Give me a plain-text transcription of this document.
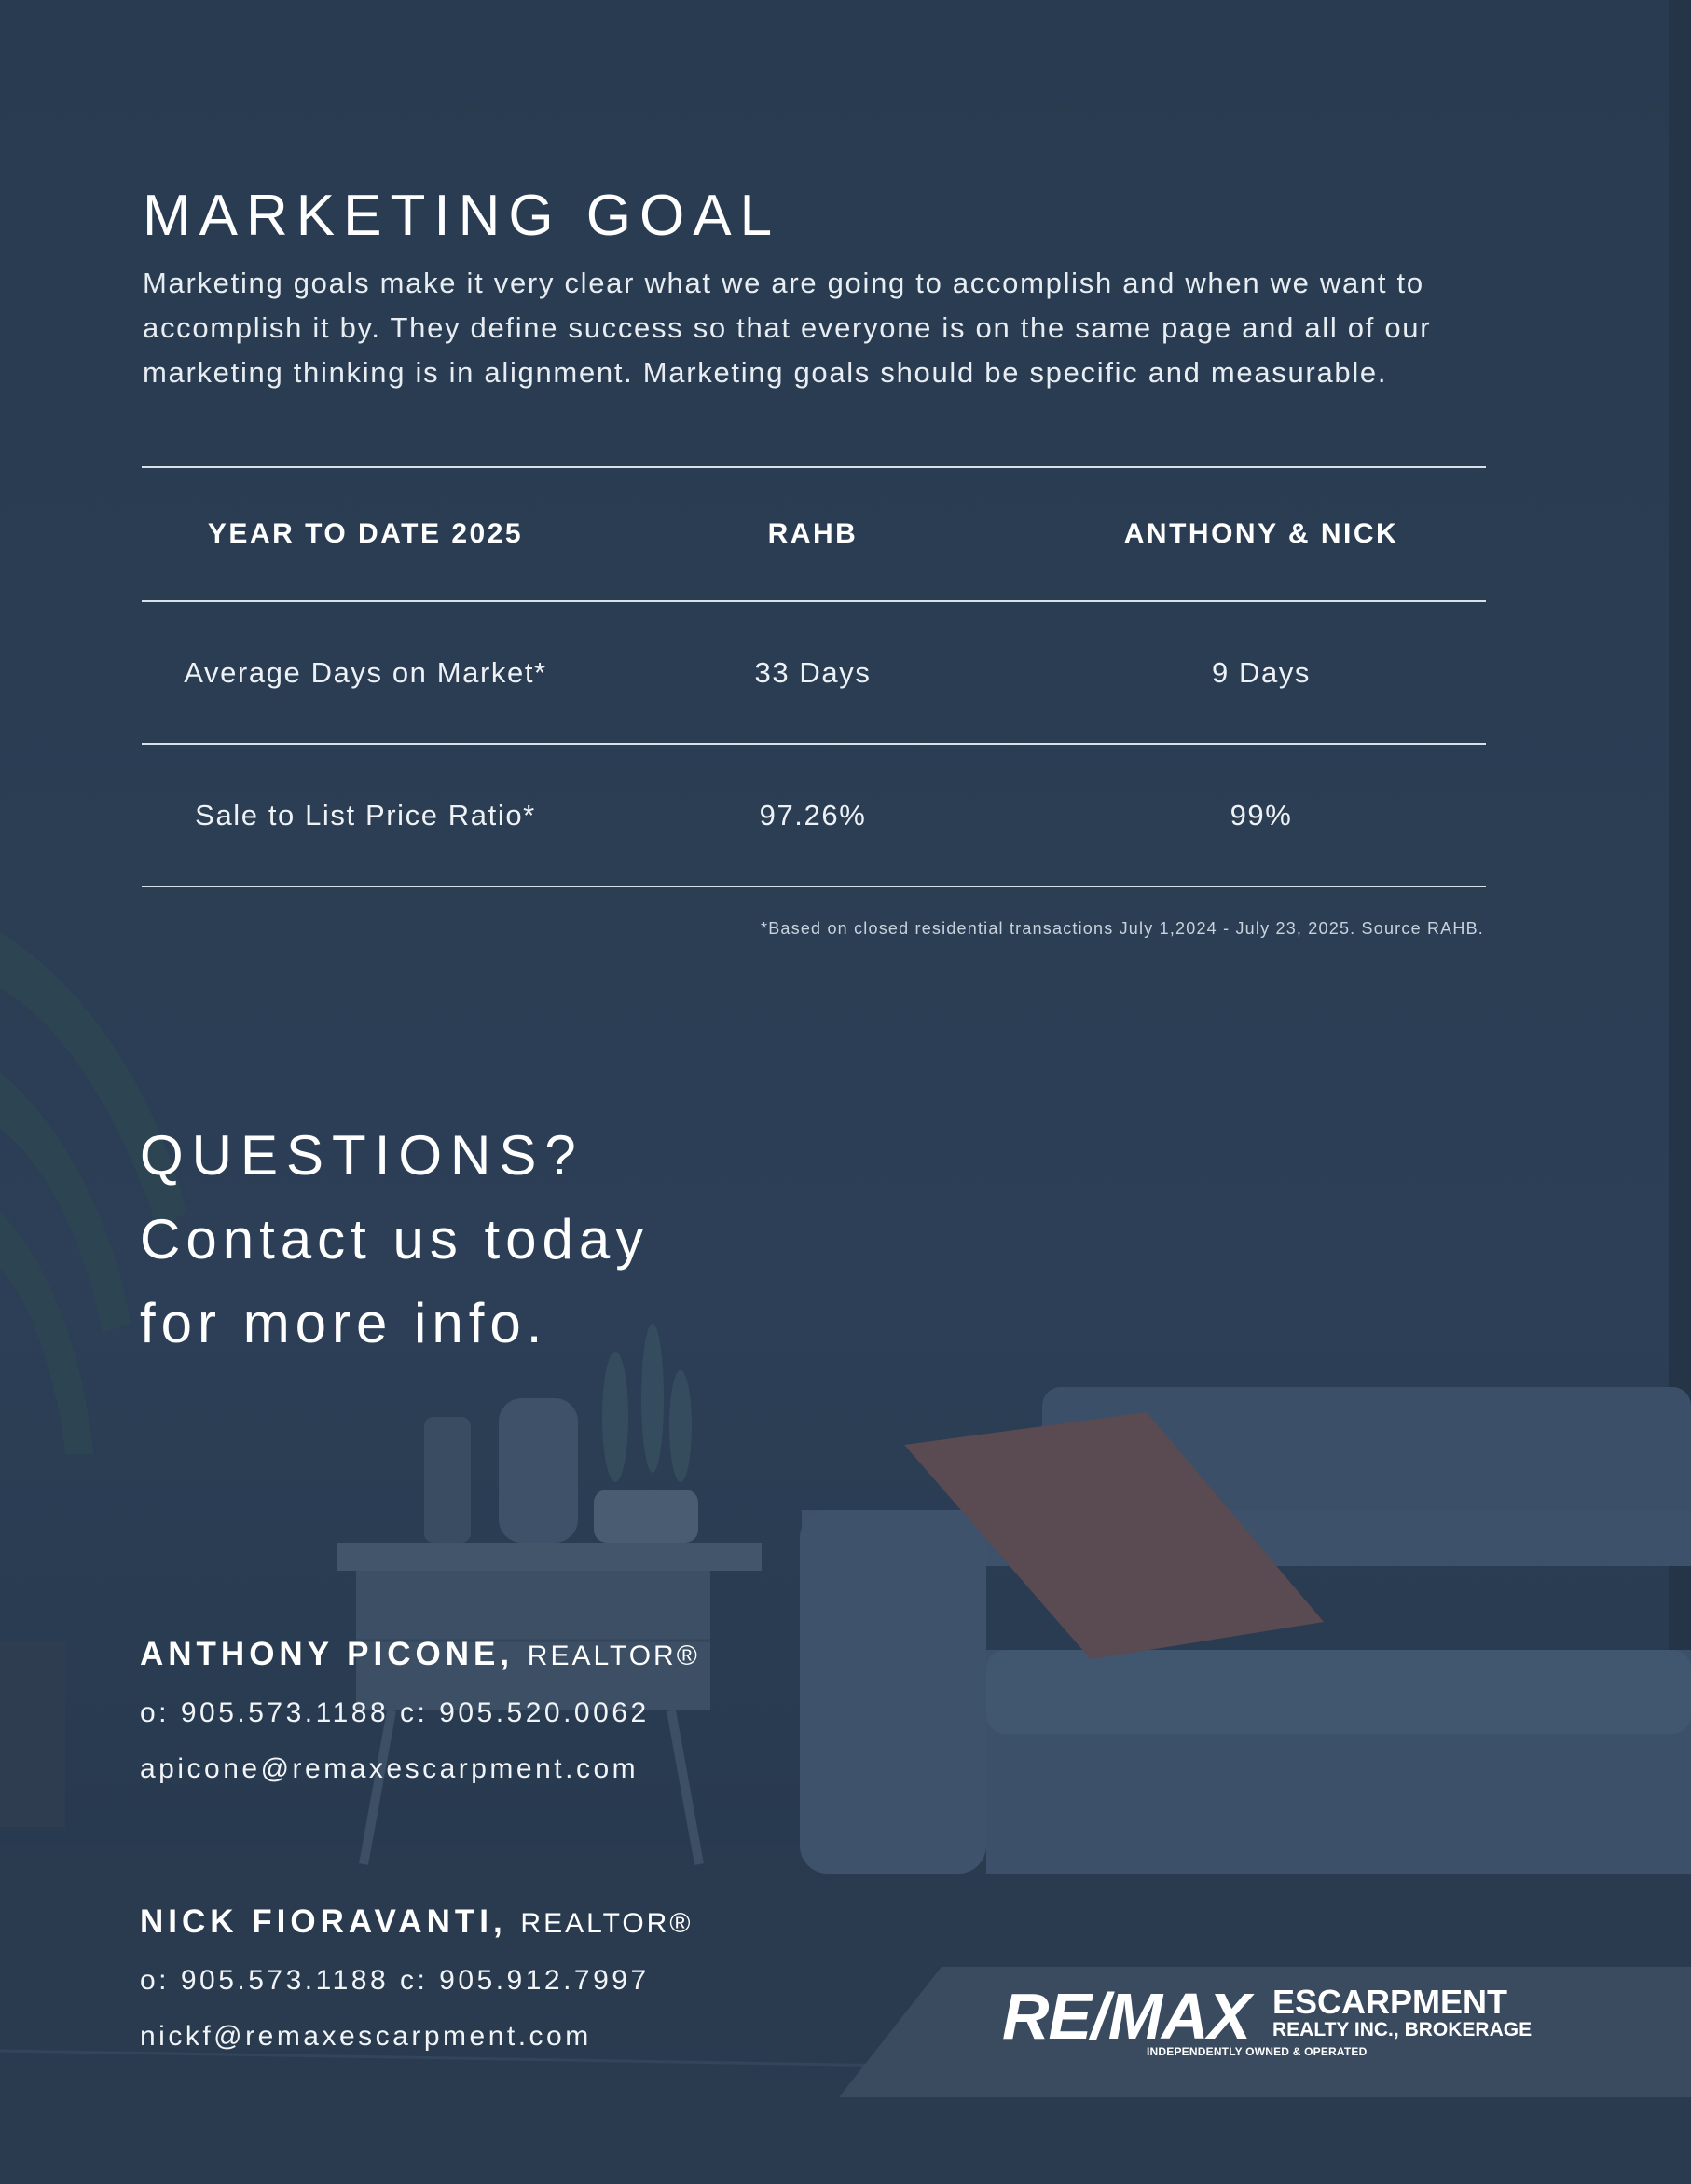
MARKETING GOAL
Marketing goals make it very clear what we are going to accomplish and when we want to
accomplish it by. They define success so that everyone is on the same page and all of our
marketing thinking is in alignment. Marketing goals should be specific and measurable.
YEAR TO DATE 2025	RAHB	ANTHONY & NICK
Average Days on Market*	33 Days	9 Days
Sale to List Price Ratio*	97.26%	99%
*Based on closed residential transactions July 1,2024 - July 23, 2025. Source RAHB.
QUESTIONS?
Contact us today
for more info.
ANTHONY PICONE, REALTOR®
o: 905.573.1188 c: 905.520.0062
apicone@remaxescarpment.com
NICK FIORAVANTI, REALTOR®
o: 905.573.1188 c: 905.912.7997
nickf@remaxescarpment.com	RE/MAX ESCARPMENT
REALTY INC., BROKERAGE
INDEPENDENTLY OWNED & OPERATED
